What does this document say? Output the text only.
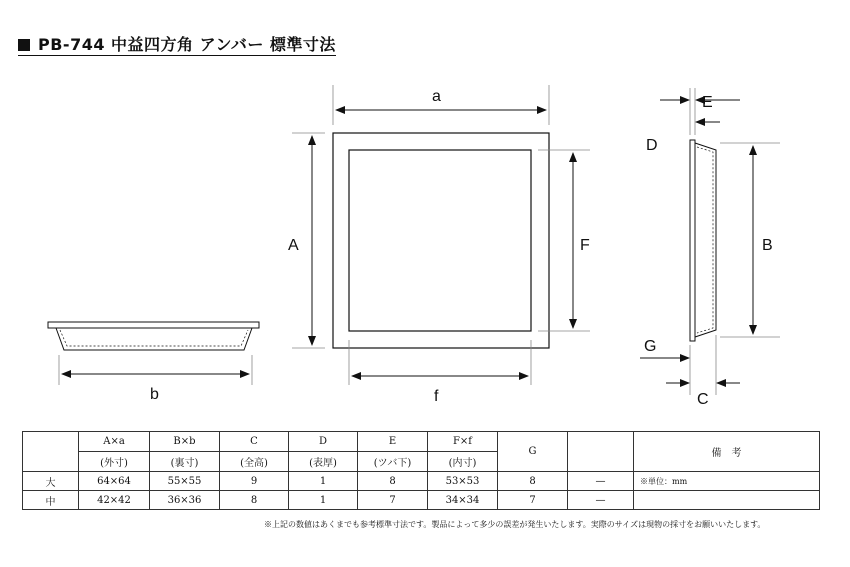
PB-744 中益四方角 アンバー 標準寸法
b
a
A	F
f
E
D
B
G
C
	A×a	B×b	C	D	E	F×f	G		備　考
	(外寸)	(裏寸)	(全高)	(表厚)	(ツバ下)	(内寸)			
大	64×64	55×55	9	1	8	53×53	8	—	※単位：mm
中	42×42	36×36	8	1	7	34×34	7	—	
※上記の数値はあくまでも参考標準寸法です。製品によって多少の誤差が発生いたします。実際のサイズは現物の採寸をお願いいたします。
